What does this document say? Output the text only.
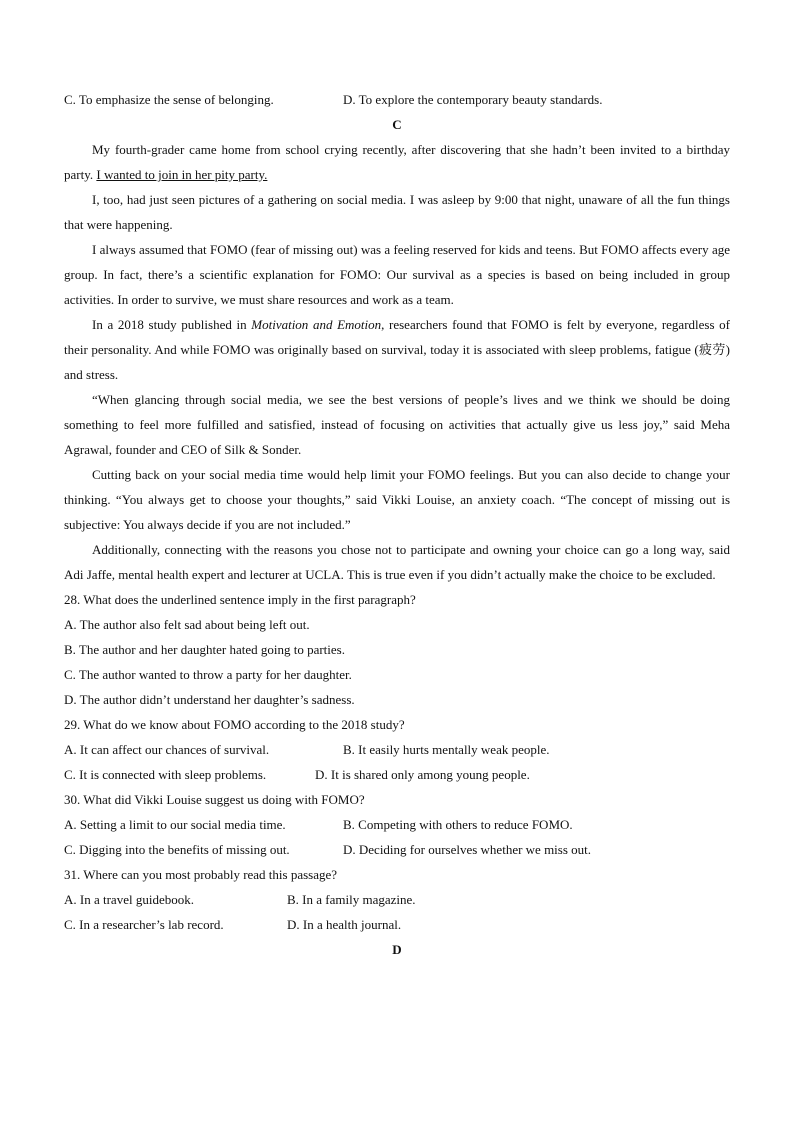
C. To emphasize the sense of belonging.	D. To explore the contemporary beauty standards.
C

My fourth-grader came home from school crying recently, after discovering that she hadn’t been invited to a birthday party. I wanted to join in her pity party.

I, too, had just seen pictures of a gathering on social media. I was asleep by 9:00 that night, unaware of all the fun things that were happening.

I always assumed that FOMO (fear of missing out) was a feeling reserved for kids and teens. But FOMO affects every age group. In fact, there’s a scientific explanation for FOMO: Our survival as a species is based on being included in group activities. In order to survive, we must share resources and work as a team.

In a 2018 study published in Motivation and Emotion, researchers found that FOMO is felt by everyone, regardless of their personality. And while FOMO was originally based on survival, today it is associated with sleep problems, fatigue (疲劳) and stress.

“When glancing through social media, we see the best versions of people’s lives and we think we should be doing something to feel more fulfilled and satisfied, instead of focusing on activities that actually give us less joy,” said Meha Agrawal, founder and CEO of Silk & Sonder.

Cutting back on your social media time would help limit your FOMO feelings. But you can also decide to change your thinking. “You always get to choose your thoughts,” said Vikki Louise, an anxiety coach. “The concept of missing out is subjective: You always decide if you are not included.”

Additionally, connecting with the reasons you chose not to participate and owning your choice can go a long way, said Adi Jaffe, mental health expert and lecturer at UCLA. This is true even if you didn’t actually make the choice to be excluded.

28. What does the underlined sentence imply in the first paragraph?
A. The author also felt sad about being left out.
B. The author and her daughter hated going to parties.
C. The author wanted to throw a party for her daughter.
D. The author didn’t understand her daughter’s sadness.
29. What do we know about FOMO according to the 2018 study?
A. It can affect our chances of survival.	B. It easily hurts mentally weak people.
C. It is connected with sleep problems.	D. It is shared only among young people.
30. What did Vikki Louise suggest us doing with FOMO?
A. Setting a limit to our social media time.	B. Competing with others to reduce FOMO.
C. Digging into the benefits of missing out.	D. Deciding for ourselves whether we miss out.
31. Where can you most probably read this passage?
A. In a travel guidebook.	B. In a family magazine.
C. In a researcher’s lab record.	D. In a health journal.
D
